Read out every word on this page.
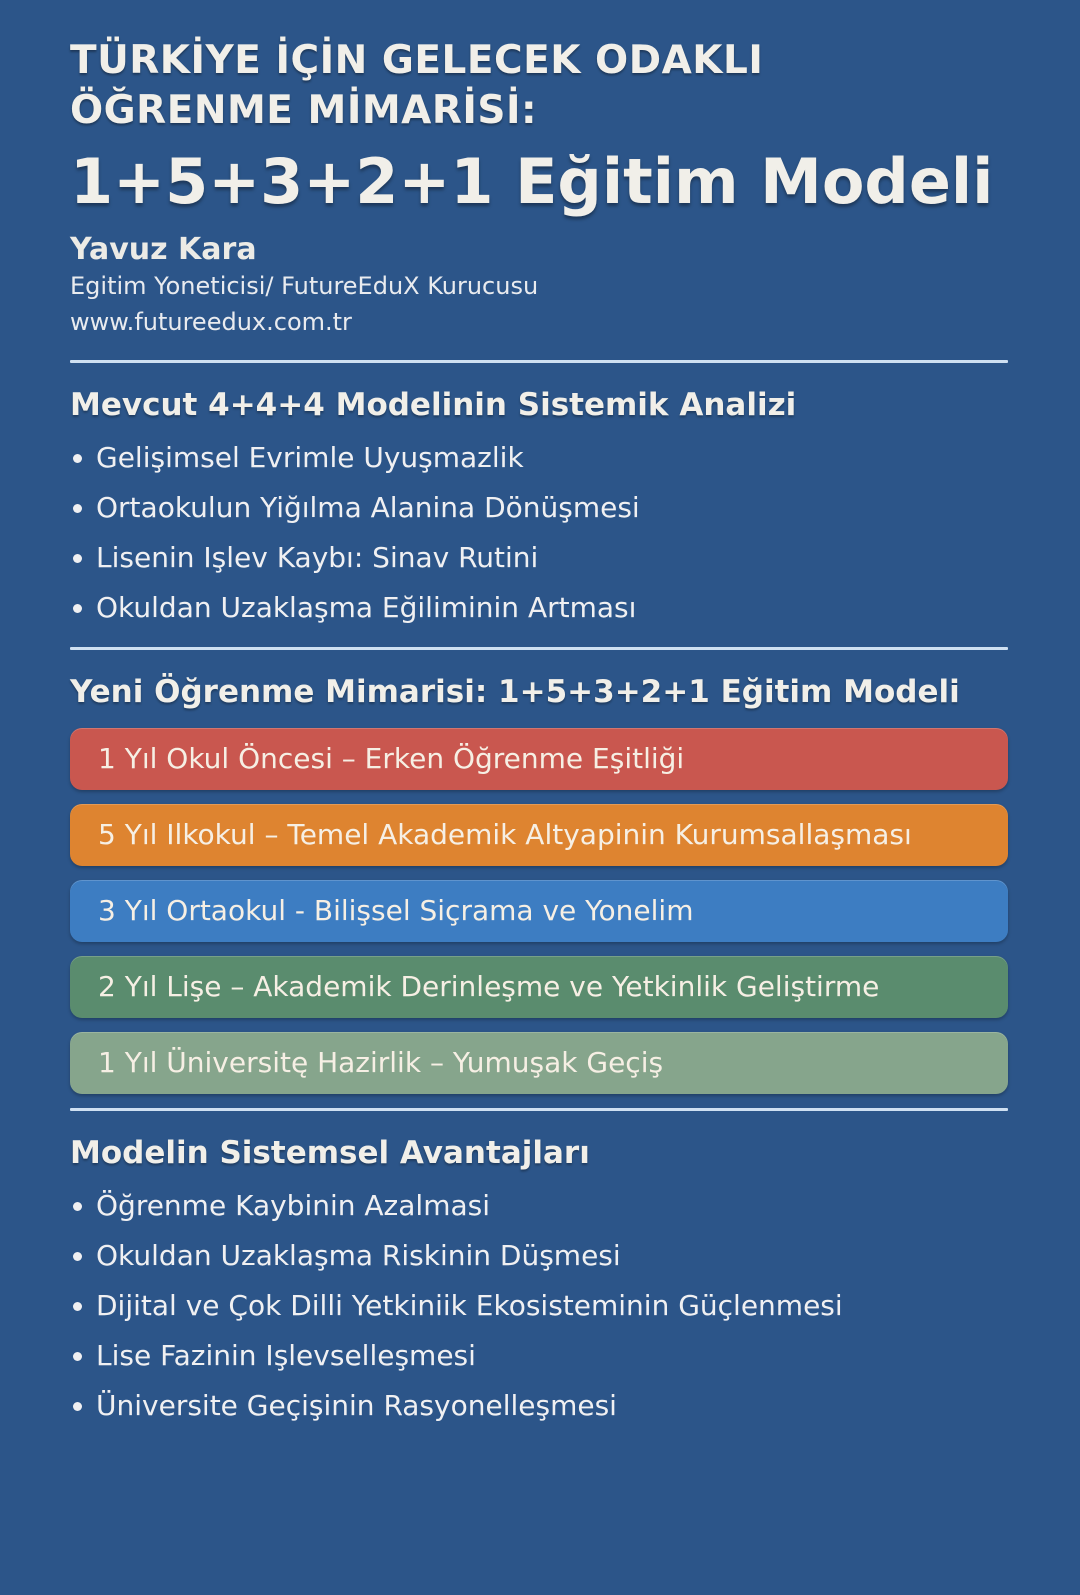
TÜRKİYE İÇİN GELECEK ODAKLI
ÖĞRENME MİMARİSİ:
1+5+3+2+1 Eğitim Modeli
Yavuz Kara
Egitim Yoneticisi/ FutureEduX Kurucusu
www.futureedux.com.tr
Mevcut 4+4+4 Modelinin Sistemik Analizi
Gelişimsel Evrimle Uyuşmazlik
Ortaokulun Yiğılma Alanina Dönüşmesi
Lisenin Işlev Kaybı: Sinav Rutini
Okuldan Uzaklaşma Eğiliminin Artması
Yeni Öğrenme Mimarisi: 1+5+3+2+1 Eğitim Modeli
1 Yıl Okul Öncesi – Erken Öğrenme Eşitliği
5 Yıl Ilkokul – Temel Akademik Altyapinin Kurumsallaşması
3 Yıl Ortaokul - Bilişsel Siçrama ve Yonelim
2 Yıl Lişe – Akademik Derinleşme ve Yetkinlik Geliştirme
1 Yıl Üniversitę Hazirlik – Yumuşak Geçiş
Modelin Sistemsel Avantajları
Öğrenme Kaybinin Azalmasi
Okuldan Uzaklaşma Riskinin Düşmesi
Dijital ve Çok Dilli Yetkiniik Ekosisteminin Güçlenmesi
Lise Fazinin Işlevselleşmesi
Üniversite Geçişinin Rasyonelleşmesi
